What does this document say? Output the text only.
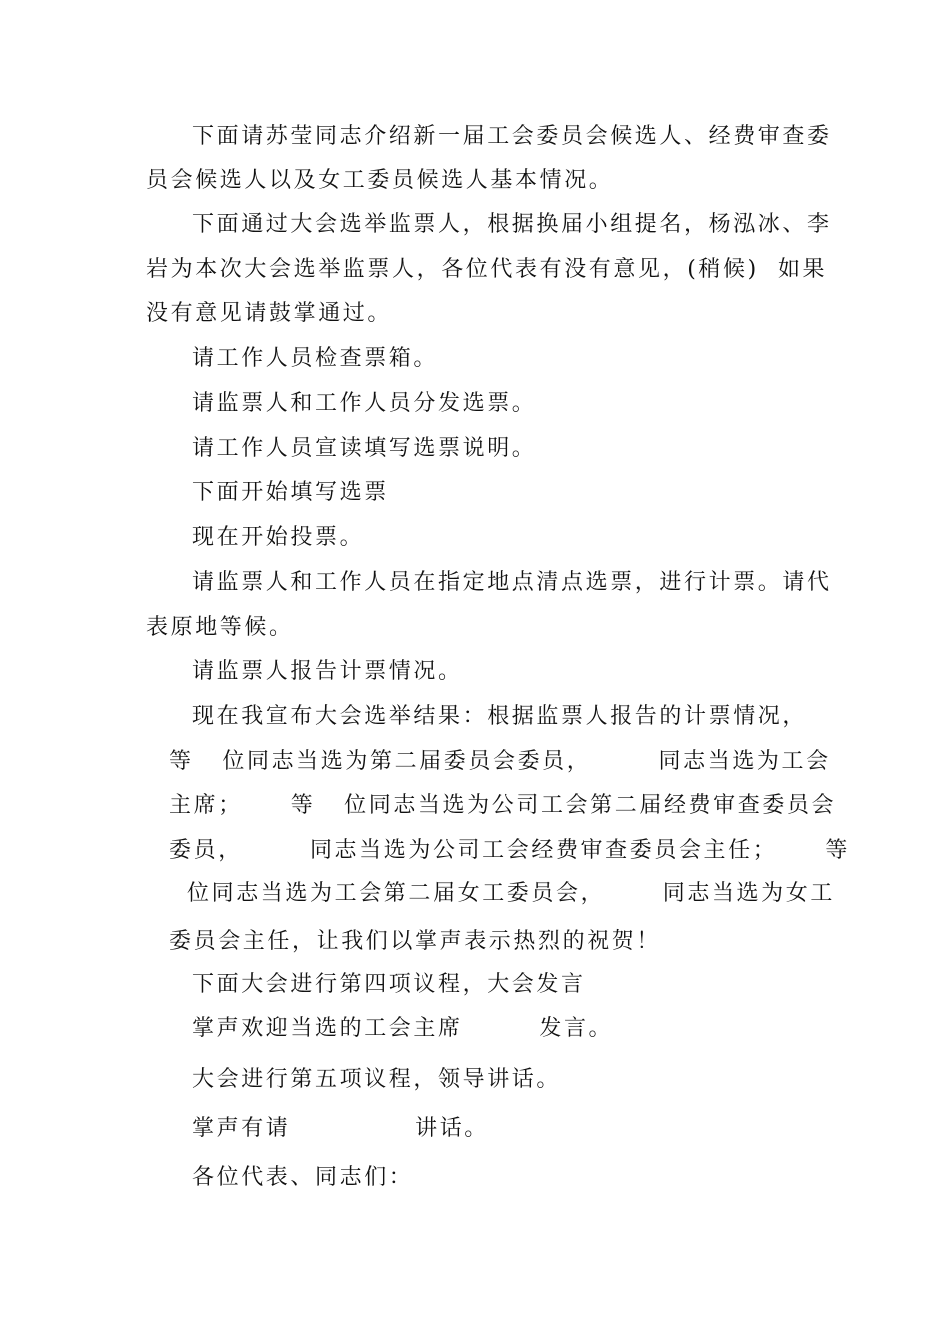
下面请苏莹同志介绍新一届工会委员会候选人、经费审查委

员会候选人以及女工委员候选人基本情况。

下面通过大会选举监票人，根据换届小组提名，杨泓冰、李

岩为本次大会选举监票人，各位代表有没有意见，(稍候)  如果

没有意见请鼓掌通过。

请工作人员检查票箱。

请监票人和工作人员分发选票。

请工作人员宣读填写选票说明。

下面开始填写选票

现在开始投票。

请监票人和工作人员在指定地点清点选票，进行计票。请代

表原地等候。

请监票人报告计票情况。

现在我宣布大会选举结果：根据监票人报告的计票情况，

等   位同志当选为第二届委员会委员，       同志当选为工会

主席；     等   位同志当选为公司工会第二届经费审查委员会

委员，       同志当选为公司工会经费审查委员会主任；     等

位同志当选为工会第二届女工委员会，      同志当选为女工

委员会主任，让我们以掌声表示热烈的祝贺！

下面大会进行第四项议程，大会发言

掌声欢迎当选的工会主席        发言。

大会进行第五项议程，领导讲话。

掌声有请             讲话。

各位代表、同志们：
